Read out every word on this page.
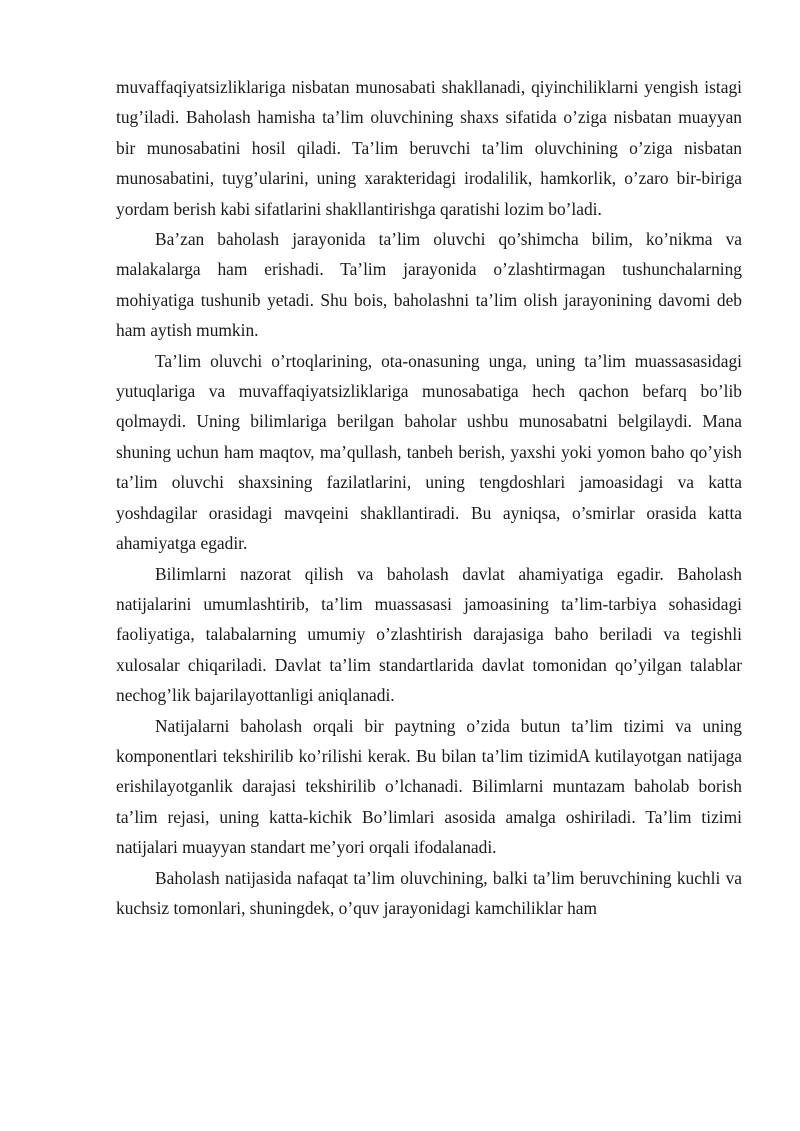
muvaffaqiyatsizliklariga nisbatan munosabati shakllanadi, qiyinchiliklarni yengish istagi tug’iladi. Baholash hamisha ta’lim oluvchining shaxs sifatida o’ziga nisbatan muayyan bir munosabatini hosil qiladi. Ta’lim beruvchi ta’lim oluvchining o’ziga nisbatan munosabatini, tuyg’ularini, uning xarakteridagi irodalilik, hamkorlik, o’zaro bir-biriga yordam berish kabi sifatlarini shakllantirishga qaratishi lozim bo’ladi.

Ba’zan baholash jarayonida ta’lim oluvchi qo’shimcha bilim, ko’nikma va malakalarga ham erishadi. Ta’lim jarayonida o’zlashtirmagan tushunchalarning mohiyatiga tushunib yetadi. Shu bois, baholashni ta’lim olish jarayonining davomi deb ham aytish mumkin.

Ta’lim oluvchi o’rtoqlarining, ota-onasuning unga, uning ta’lim muassasasidagi yutuqlariga va muvaffaqiyatsizliklariga munosabatiga hech qachon befarq bo’lib qolmaydi. Uning bilimlariga berilgan baholar ushbu munosabatni belgilaydi. Mana shuning uchun ham maqtov, ma’qullash, tanbeh berish, yaxshi yoki yomon baho qo’yish ta’lim oluvchi shaxsining fazilatlarini, uning tengdoshlari jamoasidagi va katta yoshdagilar orasidagi mavqeini shakllantiradi. Bu ayniqsa, o’smirlar orasida katta ahamiyatga egadir.

Bilimlarni nazorat qilish va baholash davlat ahamiyatiga egadir. Baholash natijalarini umumlashtirib, ta’lim muassasasi jamoasining ta’lim-tarbiya sohasidagi faoliyatiga, talabalarning umumiy o’zlashtirish darajasiga baho beriladi va tegishli xulosalar chiqariladi. Davlat ta’lim standartlarida davlat tomonidan qo’yilgan talablar nechog’lik bajarilayottanligi aniqlanadi.

Natijalarni baholash orqali bir paytning o’zida butun ta’lim tizimi va uning komponentlari tekshirilib ko’rilishi kerak. Bu bilan ta’lim tizimidA kutilayotgan natijaga erishilayotganlik darajasi tekshirilib o’lchanadi. Bilimlarni muntazam baholab borish ta’lim rejasi, uning katta-kichik Bo’limlari asosida amalga oshiriladi. Ta’lim tizimi natijalari muayyan standart me’yori orqali ifodalanadi.

Baholash natijasida nafaqat ta’lim oluvchining, balki ta’lim beruvchining kuchli va kuchsiz tomonlari, shuningdek, o’quv jarayonidagi kamchiliklar ham
